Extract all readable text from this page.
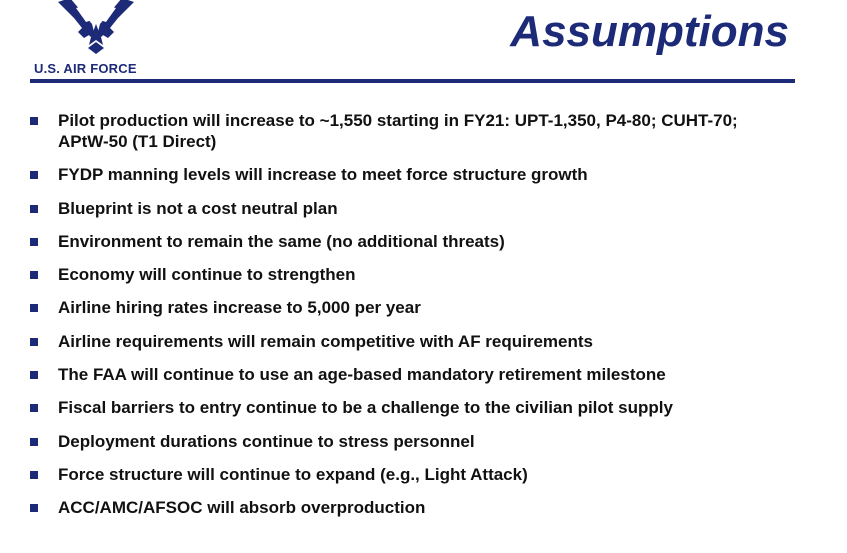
U.S. AIR FORCE
Assumptions
Pilot production will increase to ~1,550 starting in FY21: UPT-1,350, P4-80; CUHT-70; APtW-50 (T1 Direct)
FYDP manning levels will increase to meet force structure growth
Blueprint is not a cost neutral plan
Environment to remain the same (no additional threats)
Economy will continue to strengthen
Airline hiring rates increase to 5,000 per year
Airline requirements will remain competitive with AF requirements
The FAA will continue to use an age-based mandatory retirement milestone
Fiscal barriers to entry continue to be a challenge to the civilian pilot supply
Deployment durations continue to stress personnel
Force structure will continue to expand (e.g., Light Attack)
ACC/AMC/AFSOC will absorb overproduction
